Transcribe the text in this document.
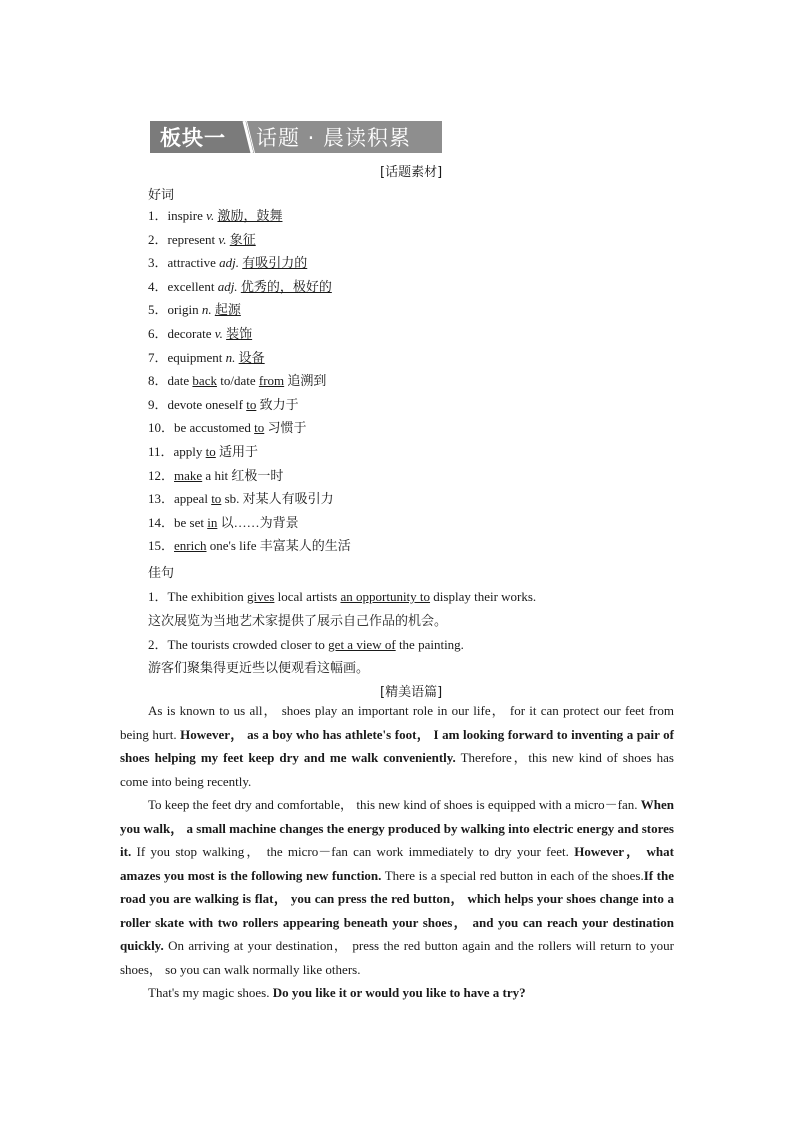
板块一 话题 · 晨读积累
[话题素材]
好词
1．inspire v. 激励，鼓舞
2．represent v. 象征
3．attractive adj. 有吸引力的
4．excellent adj. 优秀的，极好的
5．origin n. 起源
6．decorate v. 装饰
7．equipment n. 设备
8．date back to/date from 追溯到
9．devote oneself to 致力于
10．be accustomed to 习惯于
11．apply to 适用于
12．make a hit 红极一时
13．appeal to sb. 对某人有吸引力
14．be set in 以……为背景
15．enrich one's life 丰富某人的生活
佳句
1．The exhibition gives local artists an opportunity to display their works.
这次展览为当地艺术家提供了展示自己作品的机会。
2．The tourists crowded closer to get a view of the painting.
游客们聚集得更近些以便观看这幅画。
[精美语篇]

As is known to us all， shoes play an important role in our life， for it can protect our feet from being hurt. However， as a boy who has athlete's foot， I am looking forward to inventing a pair of shoes helping my feet keep dry and me walk conveniently. Therefore，this new kind of shoes has come into being recently.

To keep the feet dry and comfortable， this new kind of shoes is equipped with a micro－fan. When you walk， a small machine changes the energy produced by walking into electric energy and stores it. If you stop walking， the micro－fan can work immediately to dry your feet. However， what amazes you most is the following new function. There is a special red button in each of the shoes.If the road you are walking is flat， you can press the red button， which helps your shoes change into a roller skate with two rollers appearing beneath your shoes， and you can reach your destination quickly. On arriving at your destination， press the red button again and the rollers will return to your shoes， so you can walk normally like others.

That's my magic shoes. Do you like it or would you like to have a try?
